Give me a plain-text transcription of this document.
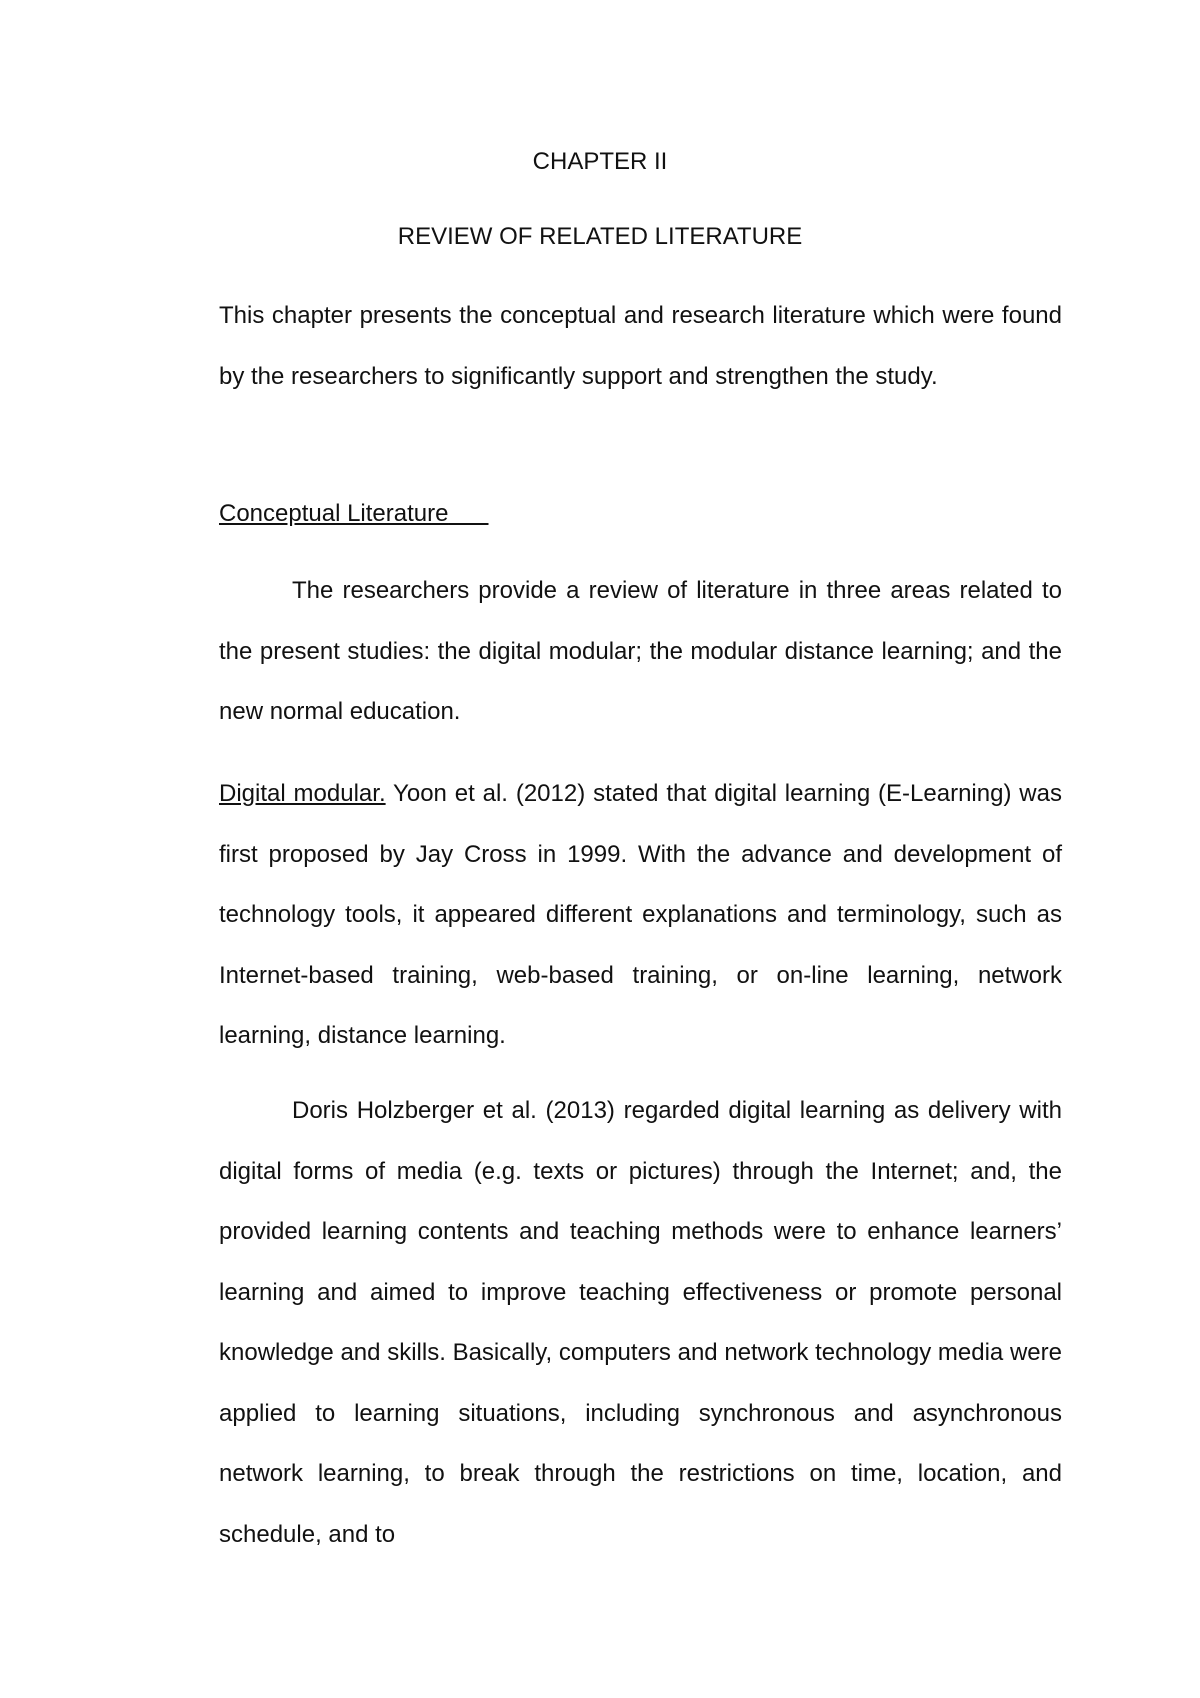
CHAPTER II
REVIEW OF RELATED LITERATURE

This chapter presents the conceptual and research literature which were found by the researchers to significantly support and strengthen the study.

Conceptual Literature

The researchers provide a review of literature in three areas related to the present studies: the digital modular; the modular distance learning; and the new normal education.

Digital modular. Yoon et al. (2012) stated that digital learning (E-Learning) was first proposed by Jay Cross in 1999. With the advance and development of technology tools, it appeared different explanations and terminology, such as Internet-based training, web-based training, or on-line learning, network learning, distance learning.

Doris Holzberger et al. (2013) regarded digital learning as delivery with digital forms of media (e.g. texts or pictures) through the Internet; and, the provided learning contents and teaching methods were to enhance learners’ learning and aimed to improve teaching effectiveness or promote personal knowledge and skills. Basically, computers and network technology media were applied to learning situations, including synchronous and asynchronous network learning, to break through the restrictions on time, location, and schedule, and to
